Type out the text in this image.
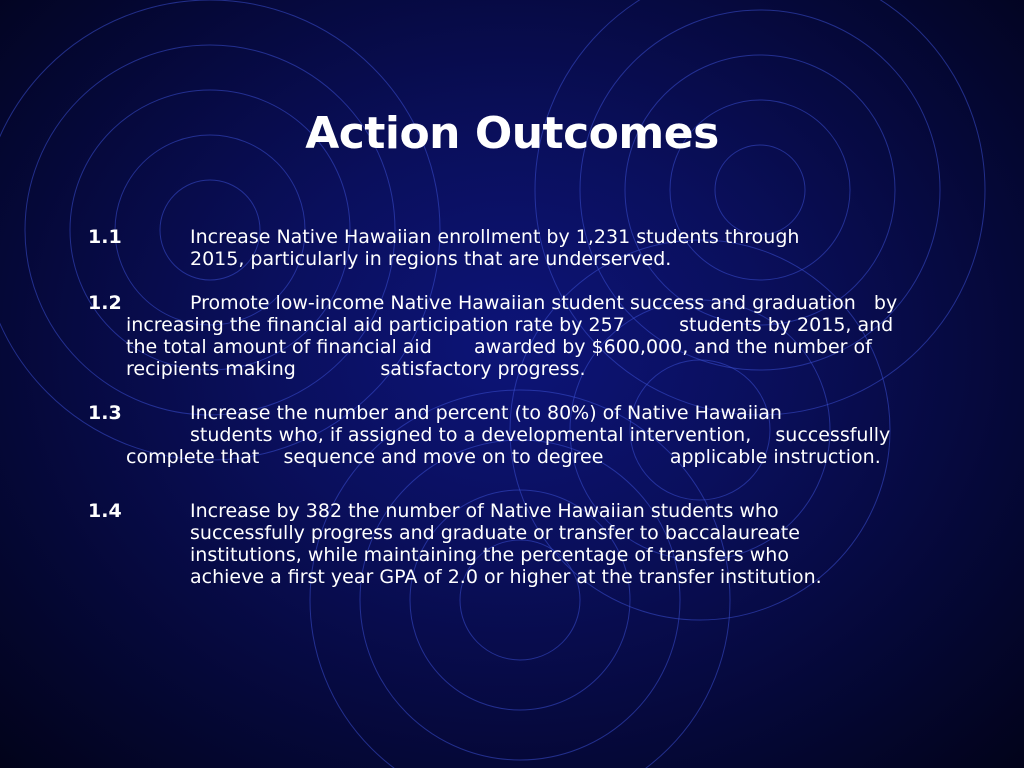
Action Outcomes
1.1	Increase Native Hawaiian enrollment by 1,231 students through
2015, particularly in regions that are underserved.
1.2	Promote low-income Native Hawaiian student success and graduation   by
increasing the financial aid participation rate by 257         students by 2015, and
the total amount of financial aid       awarded by $600,000, and the number of
recipients making              satisfactory progress.
1.3	Increase the number and percent (to 80%) of Native Hawaiian
students who, if assigned to a developmental intervention,    successfully
complete that    sequence and move on to degree           applicable instruction.
1.4	Increase by 382 the number of Native Hawaiian students who
successfully progress and graduate or transfer to baccalaureate
institutions, while maintaining the percentage of transfers who
achieve a first year GPA of 2.0 or higher at the transfer institution.
